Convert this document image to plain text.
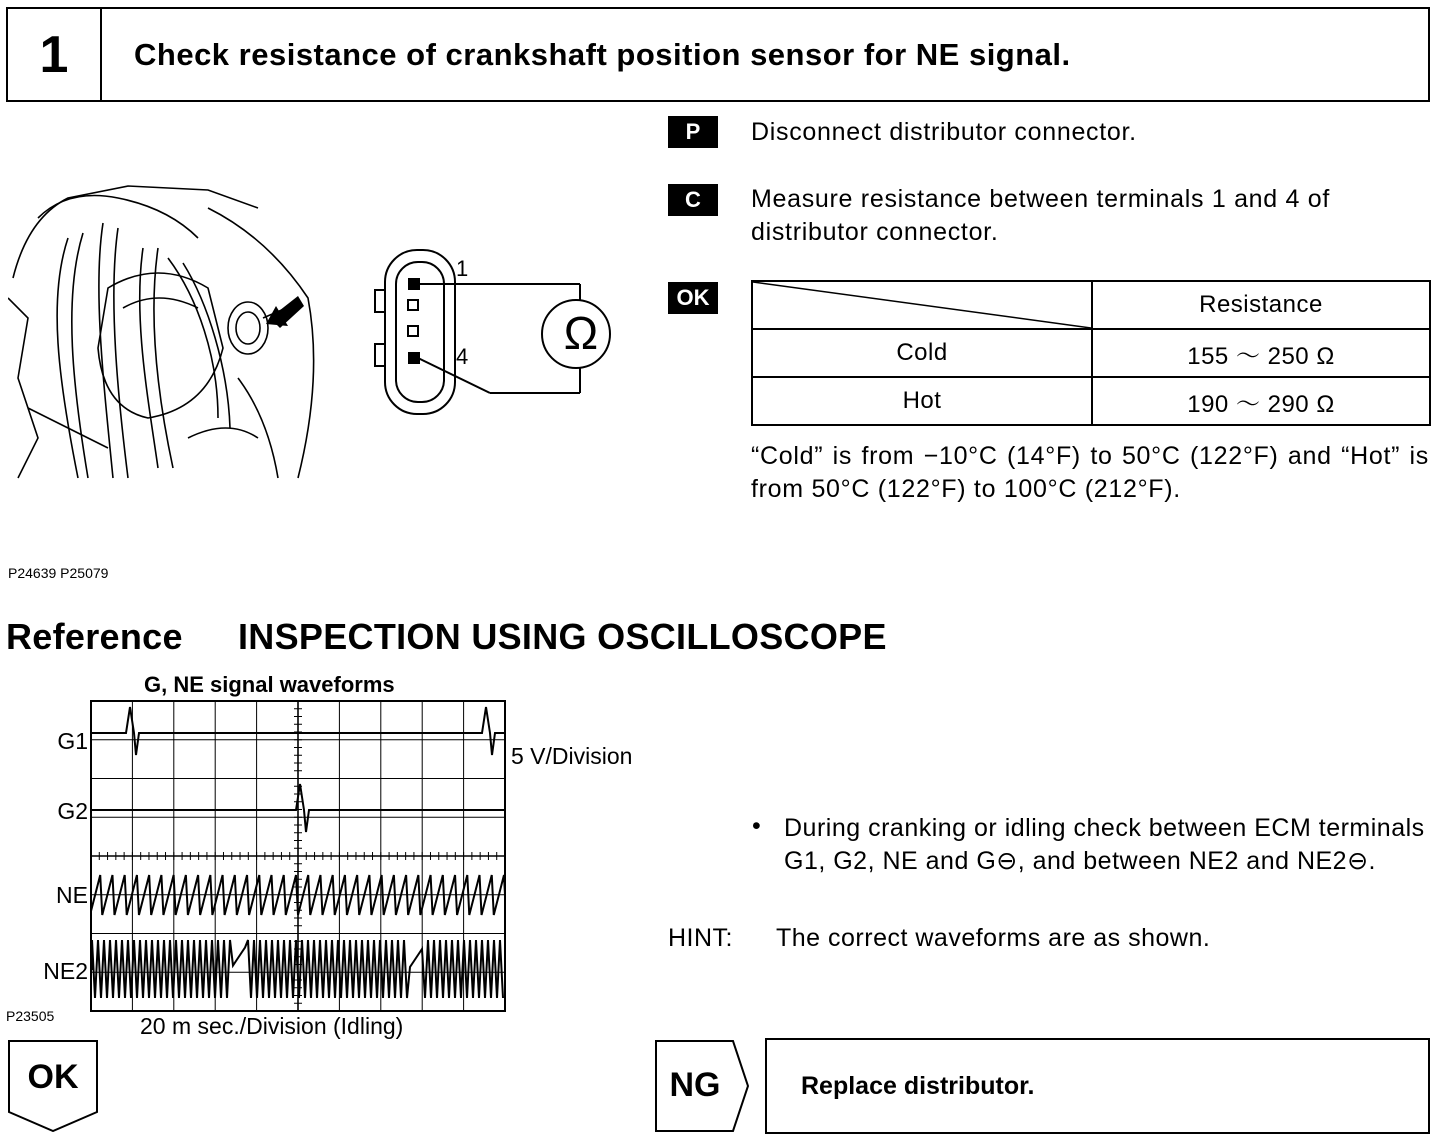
1	Check resistance of crankshaft position sensor for NE signal.
1
4 Ω
P	Disconnect distributor connector.
C	Measure resistance between terminals 1 and 4 of distributor connector.
OK
		Resistance
Cold	155 ～ 250 Ω
Hot	190 ～ 290 Ω
“Cold” is from −10°C (14°F) to 50°C (122°F) and “Hot” is from 50°C (122°F) to 100°C (212°F).
P24639 P25079
Reference INSPECTION USING OSCILLOSCOPE
G, NE signal waveforms
G1
G2
NE
NE2
5 V/Division
P23505	20 m sec./Division (Idling)
• During cranking or idling check between ECM terminals G1, G2, NE and G⊖, and between NE2 and NE2⊖.
HINT: The correct waveforms are as shown.
OK	NG	Replace distributor.
